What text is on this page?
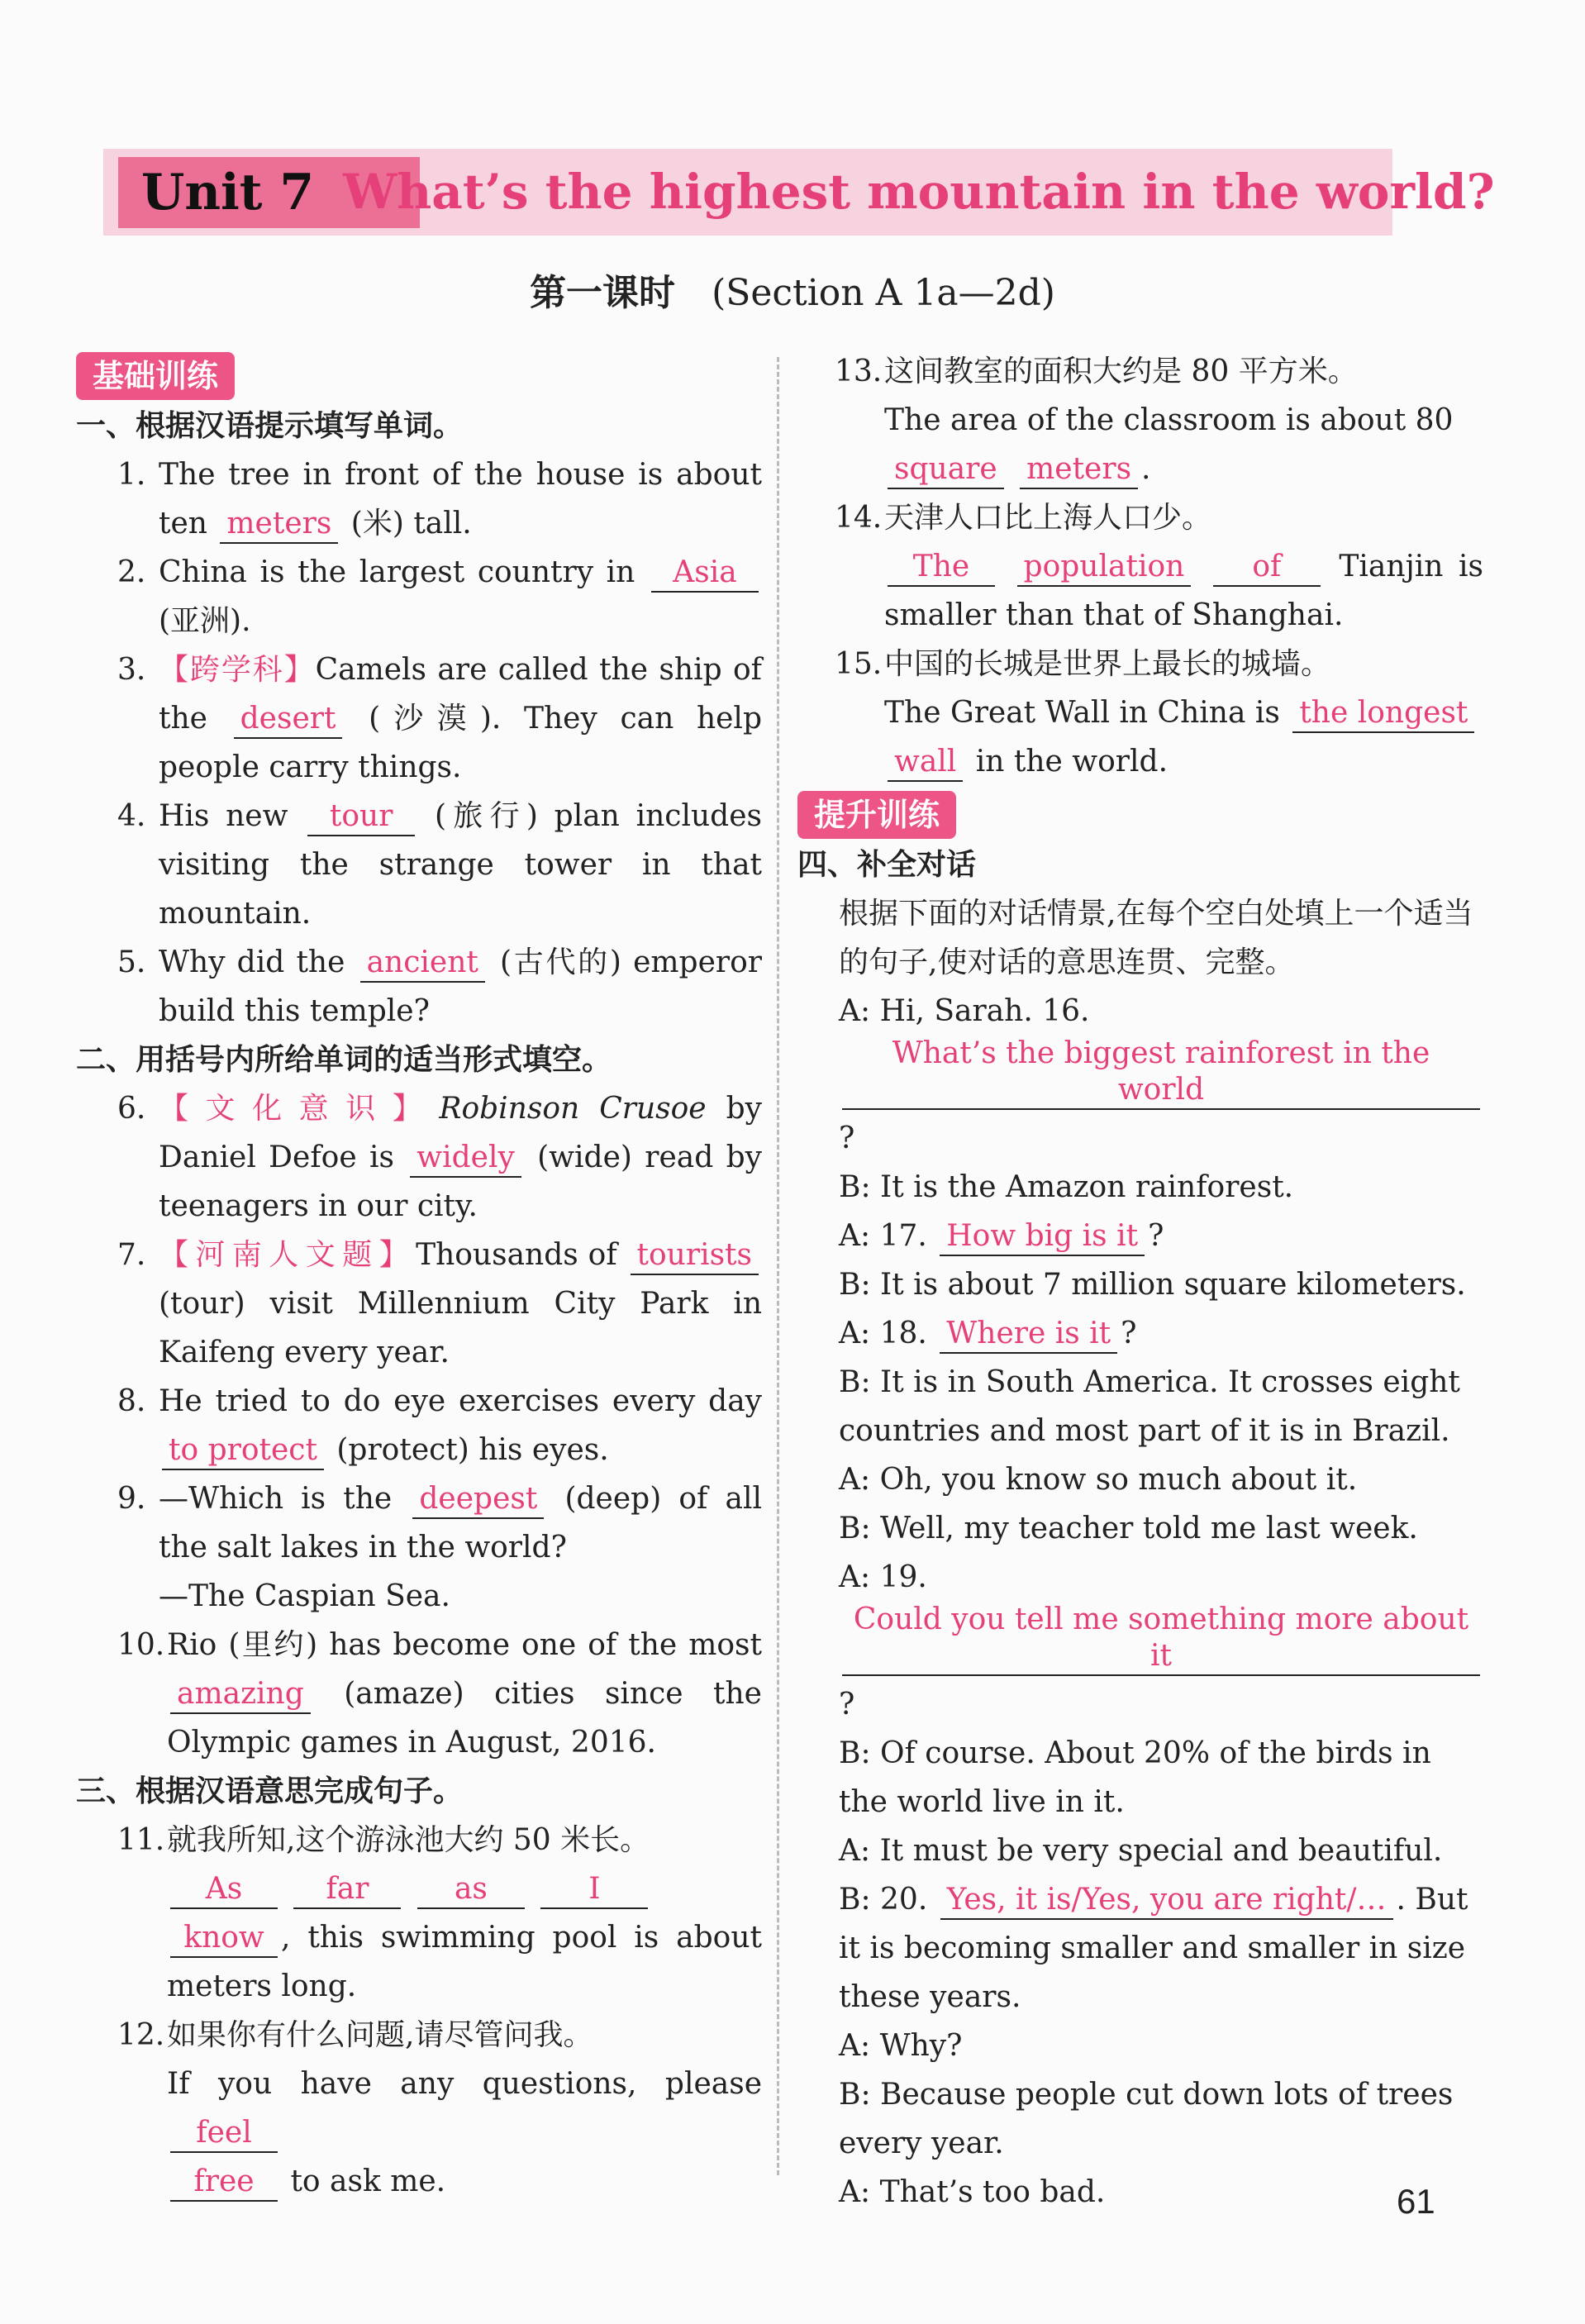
Unit 7 What’s the highest mountain in the world?
第一课时 (Section A 1a—2d)
基础训练
一、根据汉语提示填写单词。
1. The tree in front of the house is about ten meters (米) tall.
2. China is the largest country in Asia (亚洲).
3. 【跨学科】Camels are called the ship of the desert (沙漠). They can help people carry things.
4. His new tour (旅行) plan includes visiting the strange tower in that mountain.
5. Why did the ancient (古代的) emperor build this temple?
二、用括号内所给单词的适当形式填空。
6. 【文化意识】Robinson Crusoe by Daniel Defoe is widely (wide) read by teenagers in our city.
7. 【河南人文题】Thousands of tourists (tour) visit Millennium City Park in Kaifeng every year.
8. He tried to do eye exercises every day to protect (protect) his eyes.
9. —Which is the deepest (deep) of all the salt lakes in the world?
—The Caspian Sea.
10. Rio (里约) has become one of the most amazing (amaze) cities since the Olympic games in August, 2016.
三、根据汉语意思完成句子。
11. 就我所知,这个游泳池大约 50 米长。
As	far	as	I
know , this swimming pool is about meters long.
12. 如果你有什么问题,请尽管问我。
If you have any questions, please feel
free to ask me.
13. 这间教室的面积大约是 80 平方米。
The area of the classroom is about 80
square meters .
14. 天津人口比上海人口少。
The population of Tianjin is smaller than that of Shanghai.
15. 中国的长城是世界上最长的城墙。
The Great Wall in China is the longest
wall in the world.
提升训练
四、补全对话
根据下面的对话情景,在每个空白处填上一个适当的句子,使对话的意思连贯、完整。
A: Hi, Sarah. 16. What’s the biggest rainforest in the world?
B: It is the Amazon rainforest.
A: 17. How big is it ?
B: It is about 7 million square kilometers.
A: 18. Where is it ?
B: It is in South America. It crosses eight countries and most part of it is in Brazil.
A: Oh, you know so much about it.
B: Well, my teacher told me last week.
A: 19. Could you tell me something more about it?
B: Of course. About 20% of the birds in the world live in it.
A: It must be very special and beautiful.
B: 20. Yes, it is/Yes, you are right/… . But it is becoming smaller and smaller in size these years.
A: Why?
B: Because people cut down lots of trees every year.
A: That’s too bad.	61
